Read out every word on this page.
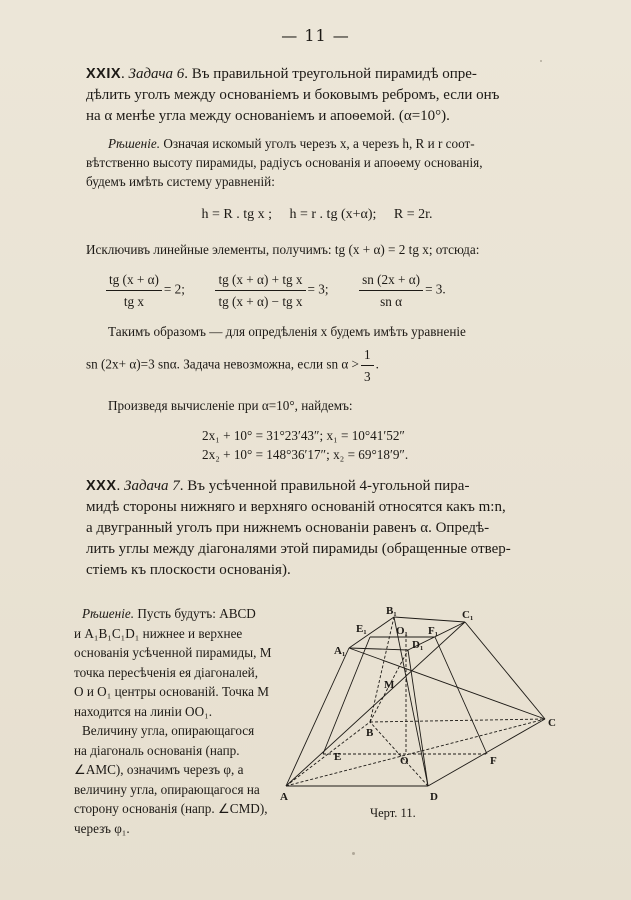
— 11 —
XXIX. Задача 6. Въ правильной треугольной пирамидѣ опре-
дѣлить уголъ между основаніемъ и боковымъ ребромъ, если онъ
на α менѣе угла между основаніемъ и апоѳемой. (α=10°).
Рѣшеніе. Означая искомый уголъ черезъ x, а черезъ h, R и r соот-
вѣтственно высоту пирамиды, радіусъ основанія и апоѳему основанія,
будемъ имѣть систему уравненій:
h = R . tg x ;     h = r . tg (x+α);     R = 2r.
Исключивъ линейные элементы, получимъ: tg (x + α) = 2 tg x; отсюда:
$\frac{tg (x + \alpha)}{\text{tg x}} = 2$; $\frac{\text{tg (x + α) + tg x}}{\text{tg (x + α) − tg x}} = 3$; $\frac{sn (2x + \alpha)}{\text{sn α}} = 3$.
Такимъ образомъ — для опредѣленія x будемъ имѣть уравненіе
sn (2x+ α)=3 snα. Задача невозможна, если sn $\alpha > \frac{1}{3}$ .
Произведя вычисленіе при α=10°, найдемъ:
2x₁ + 10° = 31°23′43″; x₁ = 10°41′52″
2x₂ + 10° = 148°36′17″; x₂ = 69°18′9″.
XXX. Задача 7. Въ усѣченной правильной 4-угольной пира-
мидѣ стороны нижняго и верхняго основаній относятся какъ m:n,
а двугранный уголъ при нижнемъ основаніи равенъ α. Опредѣ-
лить углы между діагоналями этой пирамиды (обращенные отвер-
стіемъ къ плоскости основанія).
Рѣшеніе. Пусть будутъ: ABCD
и A₁B₁C₁D₁ нижнее и верхнее
основанія усѣченной пирамиды, M
точка пересѣченія ея діагоналей,
O и O₁ центры основаній. Точка M
находится на линіи OO₁.
Величину угла, опирающагося
на діагональ основанія (напр.
∠AMC), означимъ черезъ φ, а
величину угла, опирающагося на
сторону основанія (напр. ∠CMD),
черезъ φ₁.
A
B
C
D
A₁
B₁	C₁
D₁
E	F
E₁	F₁
O
O₁
M
Черт. 11.
